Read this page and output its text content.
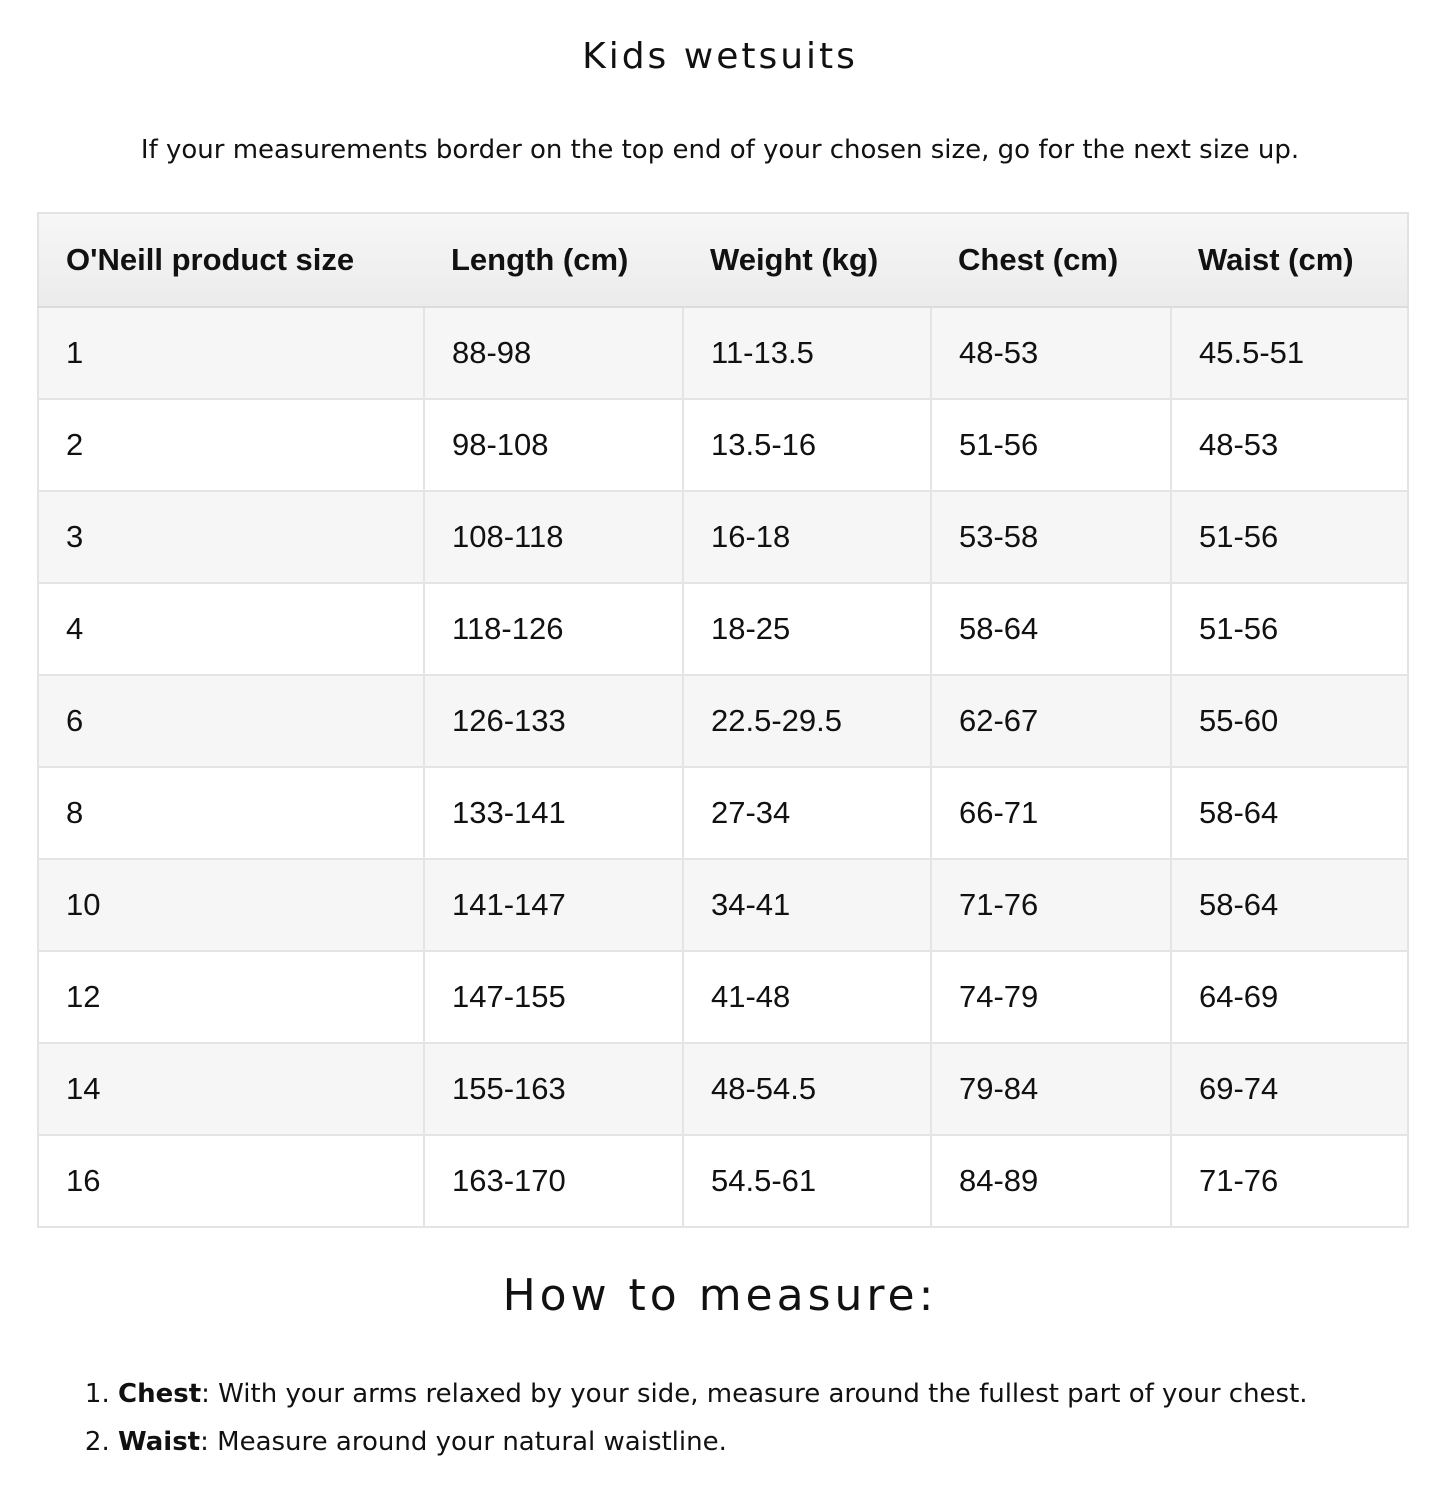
Kids wetsuits

If your measurements border on the top end of your chosen size, go for the next size up.

O'Neill product size	Length (cm)	Weight (kg)	Chest (cm)	Waist (cm)
1	88-98	11-13.5	48-53	45.5-51
2	98-108	13.5-16	51-56	48-53
3	108-118	16-18	53-58	51-56
4	118-126	18-25	58-64	51-56
6	126-133	22.5-29.5	62-67	55-60
8	133-141	27-34	66-71	58-64
10	141-147	34-41	71-76	58-64
12	147-155	41-48	74-79	64-69
14	155-163	48-54.5	79-84	69-74
16	163-170	54.5-61	84-89	71-76
How to measure:
1. Chest: With your arms relaxed by your side, measure around the fullest part of your chest.
2. Waist: Measure around your natural waistline.
